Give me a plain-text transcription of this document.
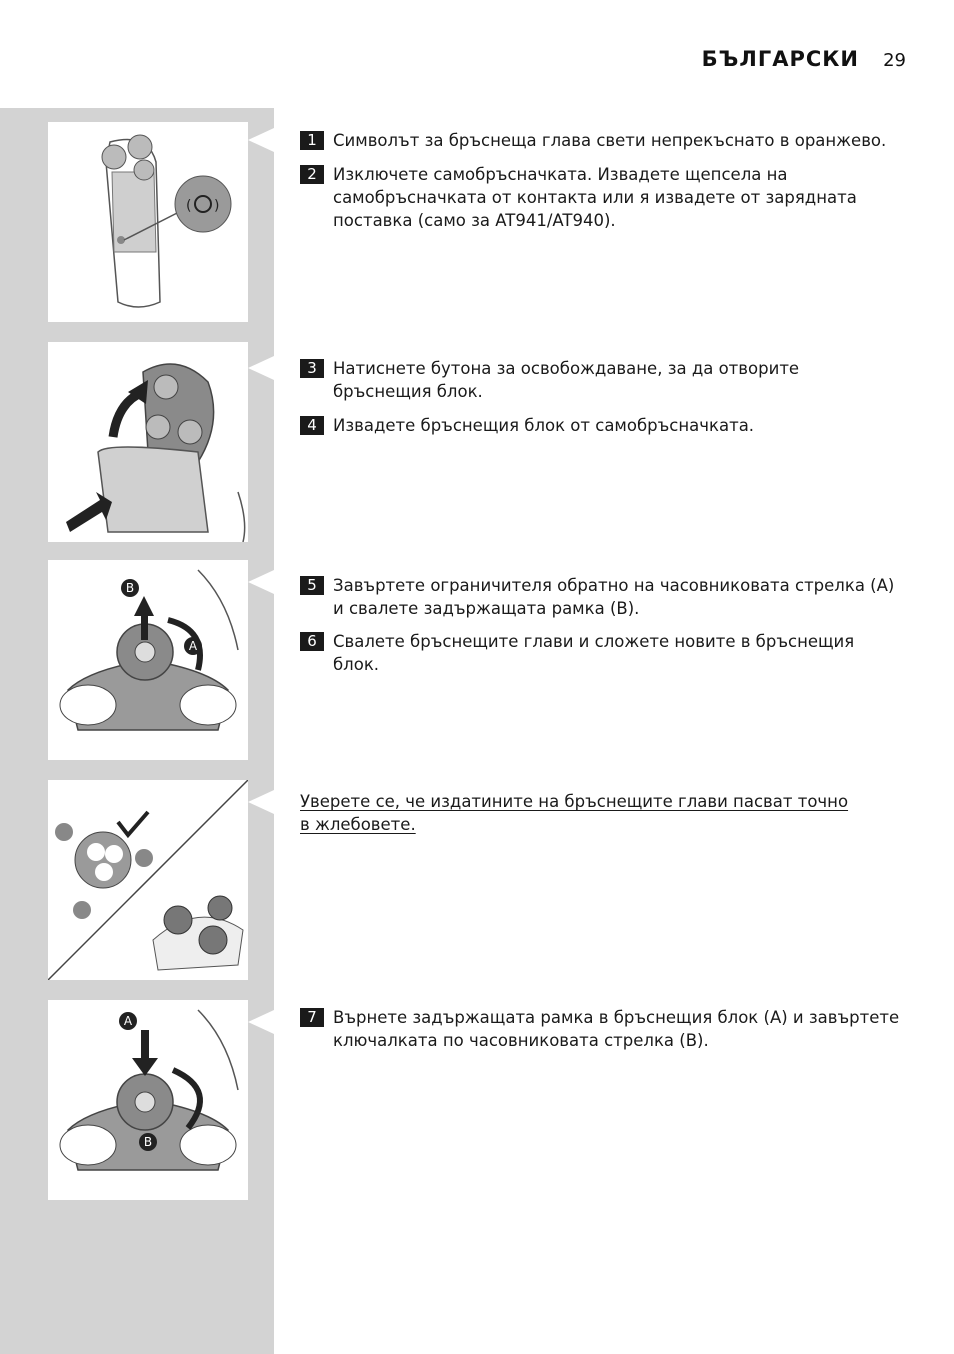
БЪЛГАРСКИ 29
( )
B
A
A
B
1 Символът за бръснеща глава свети непрекъснато в оранжево.
2 Изключете самобръсначката. Извадете щепсела на самобръсначката от контакта или я извадете от зарядната поставка (само за AT941/AT940).
3 Натиснете бутона за освобождаване, за да отворите бръснещия блок.
4 Извадете бръснещия блок от самобръсначката.
5 Завъртете ограничителя обратно на часовниковата стрелка (A) и свалете задържащата рамка (B).
6 Свалете бръснещите глави и сложете новите в бръснещия блок.
Уверете се, че издатините на бръснещите глави пасват точно в жлебовете.
7 Върнете задържащата рамка в бръснещия блок (A) и завъртете ключалката по часовниковата стрелка (B).
